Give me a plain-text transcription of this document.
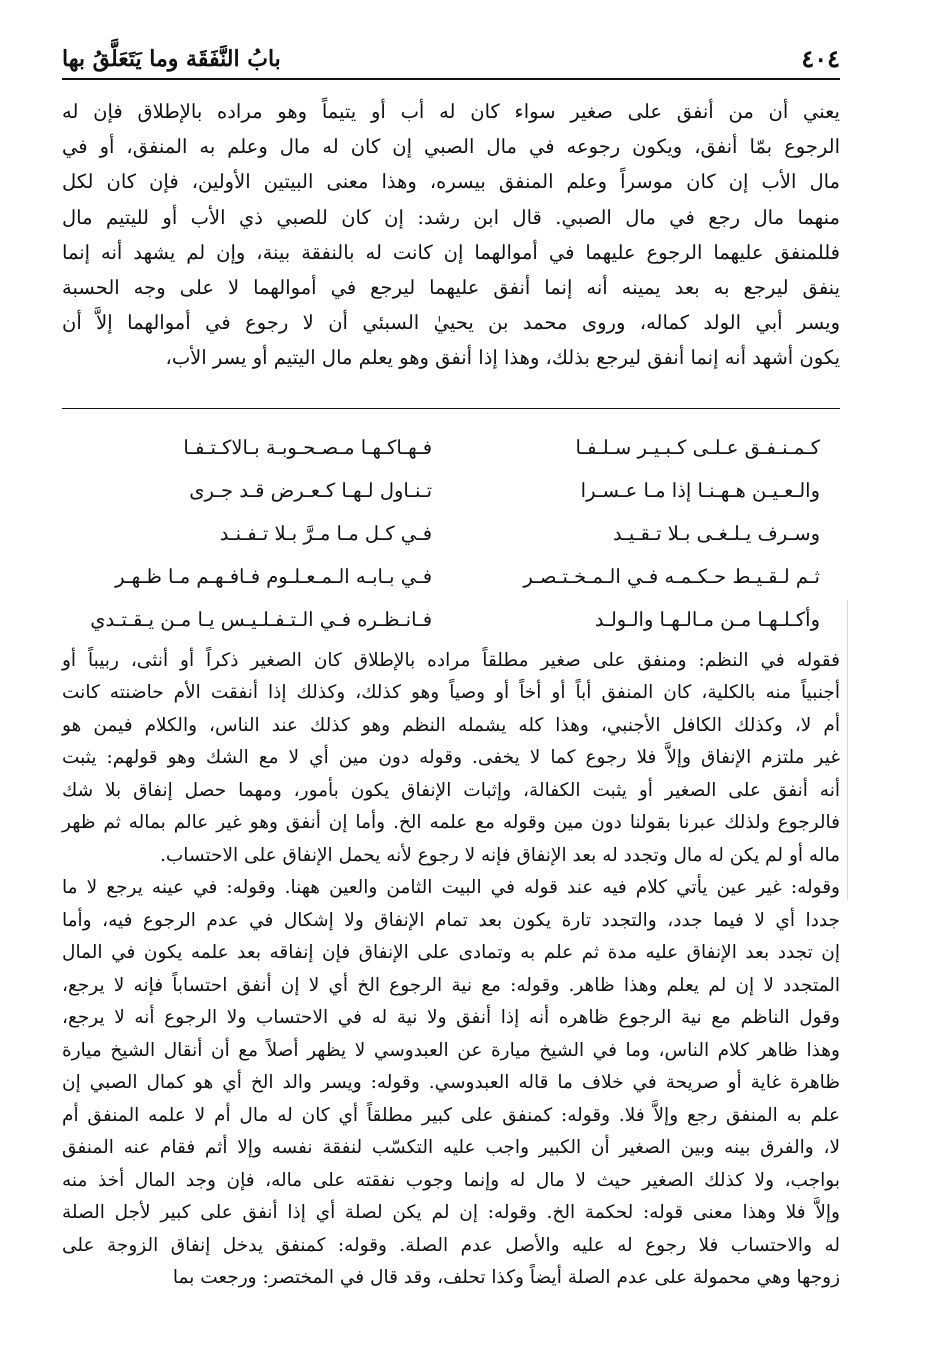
٤٠٤
بابُ النَّفَقَة وما يَتَعَلَّقُ بها

يعني أن من أنفق على صغير سواء كان له أب أو يتيماً وهو مراده بالإطلاق فإن له

الرجوع بمّا أنفق، ويكون رجوعه في مال الصبي إن كان له مال وعلم به المنفق، أو في

مال الأب إن كان موسراً وعلم المنفق بيسره، وهذا معنى البيتين الأولين، فإن كان لكل

منهما مال رجع في مال الصبي. قال ابن رشد: إن كان للصبي ذي الأب أو لليتيم مال

فللمنفق عليهما الرجوع عليهما في أموالهما إن كانت له بالنفقة بينة، وإن لم يشهد أنه إنما

ينفق ليرجع به بعد يمينه أنه إنما أنفق عليهما ليرجع في أموالهما لا على وجه الحسبة

ويسر أبي الولد كماله، وروى محمد بن يحييٰ السبئي أن لا رجوع في أموالهما إلاَّ أن

يكون أشهد أنه إنما أنفق ليرجع بذلك، وهذا إذا أنفق وهو يعلم مال اليتيم أو يسر الأب،

كـمـنـفـق عـلـى كـبـيـر سـلـفـا
فـهـاكـهـا مـصـحـوبـة بـالاكـتـفـا
والـعـيـن هـهـنـا إذا مـا عـسـرا
تـنـاول لـهـا كـعـرض قـد جـرى
وسـرف يـلـغـى بـلا تـقـيـد
فـي كـل مـا مـرَّ بـلا تـفـنـد
ثـم لـقـيـط حـكـمـه فـي الـمـخـتـصـر
فـي بـابـه الـمـعـلـوم فـافـهـم مـا ظـهـر
وأكـلـهـا مـن مـالـهـا والـولـد
فـانـظـره فـي الـتـفـلـيـس يـا مـن يـقـتـدي

فقوله في النظم: ومنفق على صغير مطلقاً مراده بالإطلاق كان الصغير ذكراً أو أنثى، ربيباً أو

أجنبياً منه بالكلية، كان المنفق أباً أو أخاً أو وصياً وهو كذلك، وكذلك إذا أنفقت الأم حاضنته كانت

أم لا، وكذلك الكافل الأجنبي، وهذا كله يشمله النظم وهو كذلك عند الناس، والكلام فيمن هو

غير ملتزم الإنفاق وإلاَّ فلا رجوع كما لا يخفى. وقوله دون مين أي لا مع الشك وهو قولهم: يثبت

أنه أنفق على الصغير أو يثبت الكفالة، وإثبات الإنفاق يكون بأمور، ومهما حصل إنفاق بلا شك

فالرجوع ولذلك عبرنا بقولنا دون مين وقوله مع علمه الخ. وأما إن أنفق وهو غير عالم بماله ثم ظهر

ماله أو لم يكن له مال وتجدد له بعد الإنفاق فإنه لا رجوع لأنه يحمل الإنفاق على الاحتساب.

وقوله: غير عين يأتي كلام فيه عند قوله في البيت الثامن والعين ههنا. وقوله: في عينه يرجع لا ما

جددا أي لا فيما جدد، والتجدد تارة يكون بعد تمام الإنفاق ولا إشكال في عدم الرجوع فيه، وأما

إن تجدد بعد الإنفاق عليه مدة ثم علم به وتمادى على الإنفاق فإن إنفاقه بعد علمه يكون في المال

المتجدد لا إن لم يعلم وهذا ظاهر. وقوله: مع نية الرجوع الخ أي لا إن أنفق احتساباً فإنه لا يرجع،

وقول الناظم مع نية الرجوع ظاهره أنه إذا أنفق ولا نية له في الاحتساب ولا الرجوع أنه لا يرجع،

وهذا ظاهر كلام الناس، وما في الشيخ ميارة عن العبدوسي لا يظهر أصلاً مع أن أنقال الشيخ ميارة

ظاهرة غاية أو صريحة في خلاف ما قاله العبدوسي. وقوله: ويسر والد الخ أي هو كمال الصبي إن

علم به المنفق رجع وإلاَّ فلا. وقوله: كمنفق على كبير مطلقاً أي كان له مال أم لا علمه المنفق أم

لا، والفرق بينه وبين الصغير أن الكبير واجب عليه التكسّب لنفقة نفسه وإلا أثم فقام عنه المنفق

بواجب، ولا كذلك الصغير حيث لا مال له وإنما وجوب نفقته على ماله، فإن وجد المال أخذ منه

وإلاَّ فلا وهذا معنى قوله: لحكمة الخ. وقوله: إن لم يكن لصلة أي إذا أنفق على كبير لأجل الصلة

له والاحتساب فلا رجوع له عليه والأصل عدم الصلة. وقوله: كمنفق يدخل إنفاق الزوجة على

زوجها وهي محمولة على عدم الصلة أيضاً وكذا تحلف، وقد قال في المختصر: ورجعت بما
